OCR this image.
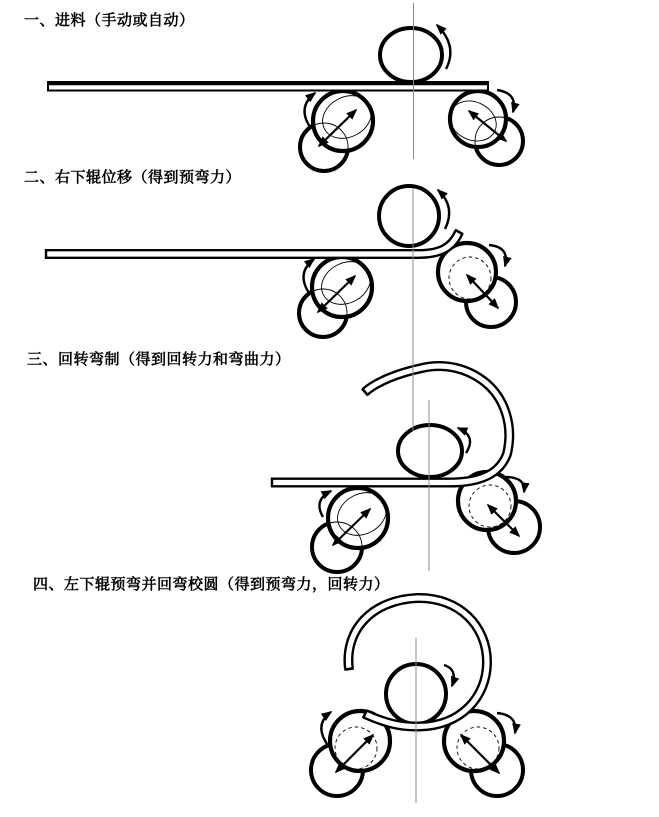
一、进料（手动或自动）
二、右下辊位移（得到预弯力）
三、回转弯制（得到回转力和弯曲力）
四、左下辊预弯并回弯校圆（得到预弯力，回转力）
